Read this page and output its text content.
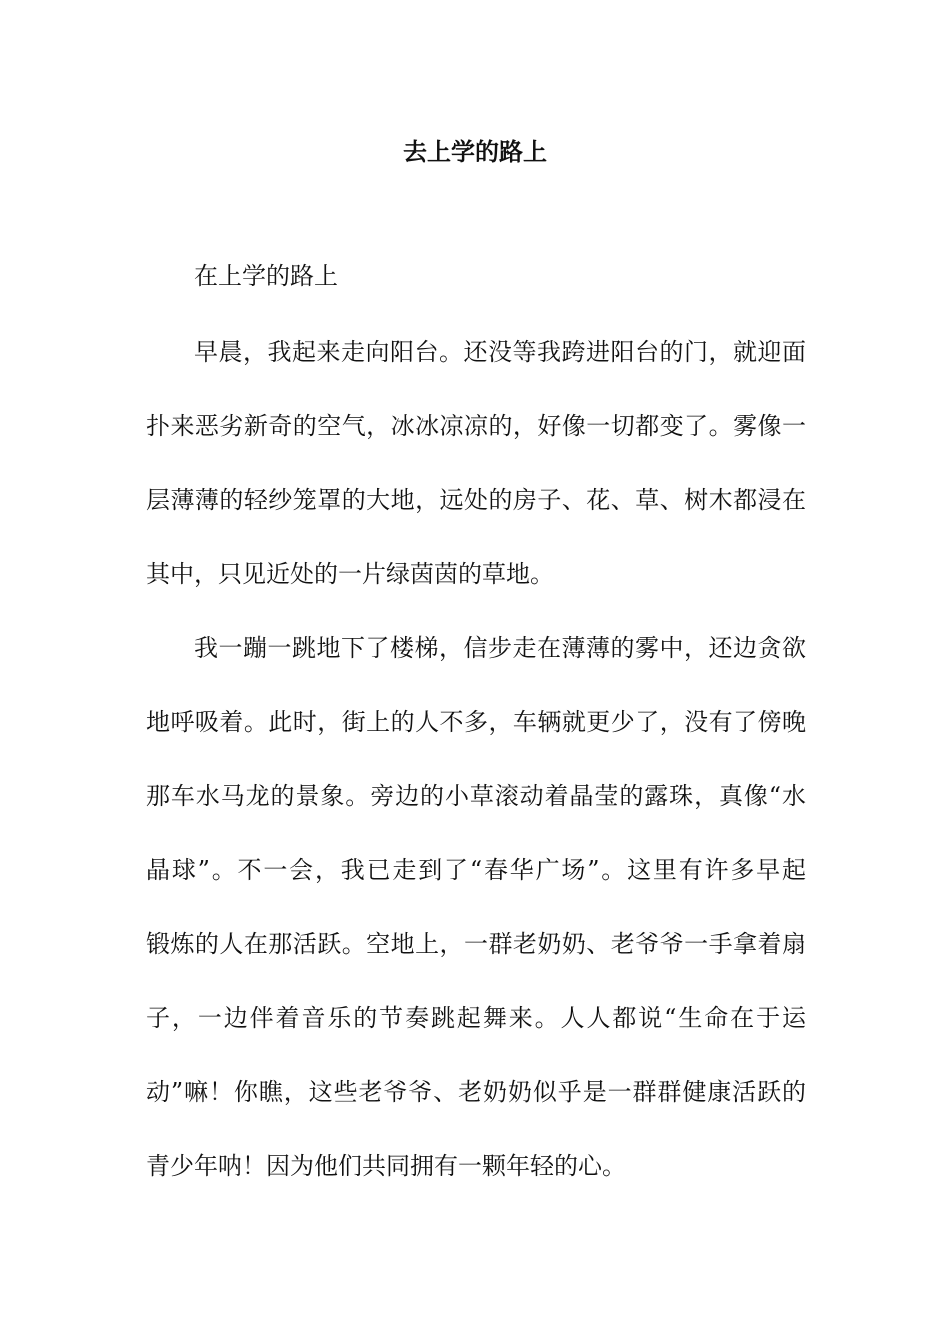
去上学的路上

在上学的路上

早晨，我起来走向阳台。还没等我跨进阳台的门，就迎面

扑来恶劣新奇的空气，冰冰凉凉的，好像一切都变了。雾像一

层薄薄的轻纱笼罩的大地，远处的房子、花、草、树木都浸在

其中，只见近处的一片绿茵茵的草地。

我一蹦一跳地下了楼梯，信步走在薄薄的雾中，还边贪欲

地呼吸着。此时，街上的人不多，车辆就更少了，没有了傍晚

那车水马龙的景象。旁边的小草滚动着晶莹的露珠，真像“水

晶球”。不一会，我已走到了“春华广场”。这里有许多早起

锻炼的人在那活跃。空地上，一群老奶奶、老爷爷一手拿着扇

子，一边伴着音乐的节奏跳起舞来。人人都说“生命在于运

动”嘛！你瞧，这些老爷爷、老奶奶似乎是一群群健康活跃的

青少年呐！因为他们共同拥有一颗年轻的心。
